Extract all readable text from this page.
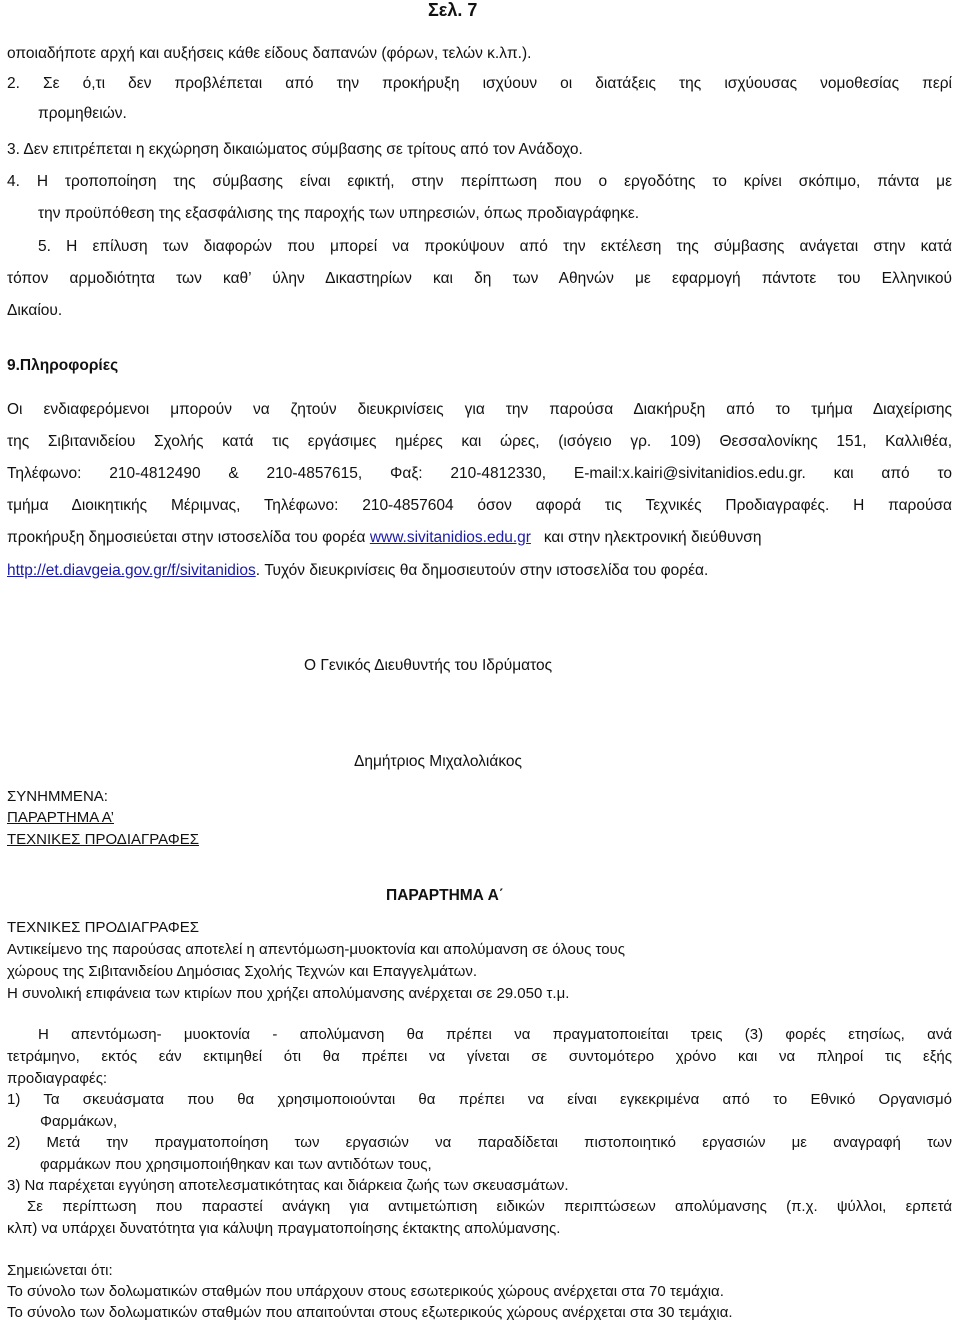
Σελ. 7

οποιαδήποτε αρχή και αυξήσεις κάθε είδους δαπανών (φόρων, τελών κ.λπ.).

2. Σε ό,τι δεν προβλέπεται από την προκήρυξη ισχύουν οι διατάξεις της ισχύουσας νομοθεσίας περί

προμηθειών.

3. Δεν επιτρέπεται η εκχώρηση δικαιώματος σύμβασης σε τρίτους από τον Ανάδοχο.

4. Η τροποποίηση της σύμβασης είναι εφικτή, στην περίπτωση που ο εργοδότης το κρίνει σκόπιμο, πάντα με

την προϋπόθεση της εξασφάλισης της παροχής των υπηρεσιών, όπως προδιαγράφηκε.

5. Η επίλυση των διαφορών που μπορεί να προκύψουν από την εκτέλεση της σύμβασης ανάγεται στην κατά

τόπον αρμοδιότητα των καθ’ ύλην Δικαστηρίων και δη των Αθηνών με εφαρμογή πάντοτε του Ελληνικού

Δικαίου.

9.Πληροφορίες

Οι ενδιαφερόμενοι μπορούν να ζητούν διευκρινίσεις για την παρούσα Διακήρυξη από το τμήμα Διαχείρισης

της Σιβιτανιδείου Σχολής κατά τις εργάσιμες ημέρες και ώρες, (ισόγειο γρ. 109) Θεσσαλονίκης 151, Καλλιθέα,

Τηλέφωνο: 210-4812490 & 210-4857615, Φαξ: 210-4812330, E-mail:x.kairi@sivitanidios.edu.gr. και από το

τμήμα Διοικητικής Μέριμνας, Τηλέφωνο: 210-4857604 όσον αφορά τις Τεχνικές Προδιαγραφές. Η παρούσα

προκήρυξη δημοσιεύεται στην ιστοσελίδα του φορέα www.sivitanidios.edu.gr και στην ηλεκτρονική διεύθυνση

http://et.diavgeia.gov.gr/f/sivitanidios. Τυχόν διευκρινίσεις θα δημοσιευτούν στην ιστοσελίδα του φορέα.

Ο Γενικός Διευθυντής του Ιδρύματος

Δημήτριος Μιχαλολιάκος

ΣΥΝΗΜΜΕΝΑ:

ΠΑΡΑΡΤΗΜΑ Α’

ΤΕΧΝΙΚΕΣ ΠΡΟΔΙΑΓΡΑΦΕΣ

ΠΑΡΑΡΤΗΜΑ Α΄

ΤΕΧΝΙΚΕΣ ΠΡΟΔΙΑΓΡΑΦΕΣ

Αντικείμενο της παρούσας αποτελεί η απεντόμωση-μυοκτονία και απολύμανση σε όλους τους

χώρους της Σιβιτανιδείου Δημόσιας Σχολής Τεχνών και Επαγγελμάτων.

Η συνολική επιφάνεια των κτιρίων που χρήζει απολύμανσης ανέρχεται σε 29.050 τ.μ.

Η απεντόμωση- μυοκτονία - απολύμανση θα πρέπει να πραγματοποιείται τρεις (3) φορές ετησίως, ανά

τετράμηνο, εκτός εάν εκτιμηθεί ότι θα πρέπει να γίνεται σε συντομότερο χρόνο και να πληροί τις εξής

προδιαγραφές:

1) Τα σκευάσματα που θα χρησιμοποιούνται θα πρέπει να είναι εγκεκριμένα από το Εθνικό Οργανισμό

Φαρμάκων,

2) Μετά την πραγματοποίηση των εργασιών να παραδίδεται πιστοποιητικό εργασιών με αναγραφή των

φαρμάκων που χρησιμοποιήθηκαν και των αντιδότων τους,

3) Να παρέχεται εγγύηση αποτελεσματικότητας και διάρκεια ζωής των σκευασμάτων.

Σε περίπτωση που παραστεί ανάγκη για αντιμετώπιση ειδικών περιπτώσεων απολύμανσης (π.χ. ψύλλοι, ερπετά

κλπ) να υπάρχει δυνατότητα για κάλυψη πραγματοποίησης έκτακτης απολύμανσης.

Σημειώνεται ότι:

Το σύνολο των δολωματικών σταθμών που υπάρχουν στους εσωτερικούς χώρους ανέρχεται στα 70 τεμάχια.

Το σύνολο των δολωματικών σταθμών που απαιτούνται στους εξωτερικούς χώρους ανέρχεται στα 30 τεμάχια.
